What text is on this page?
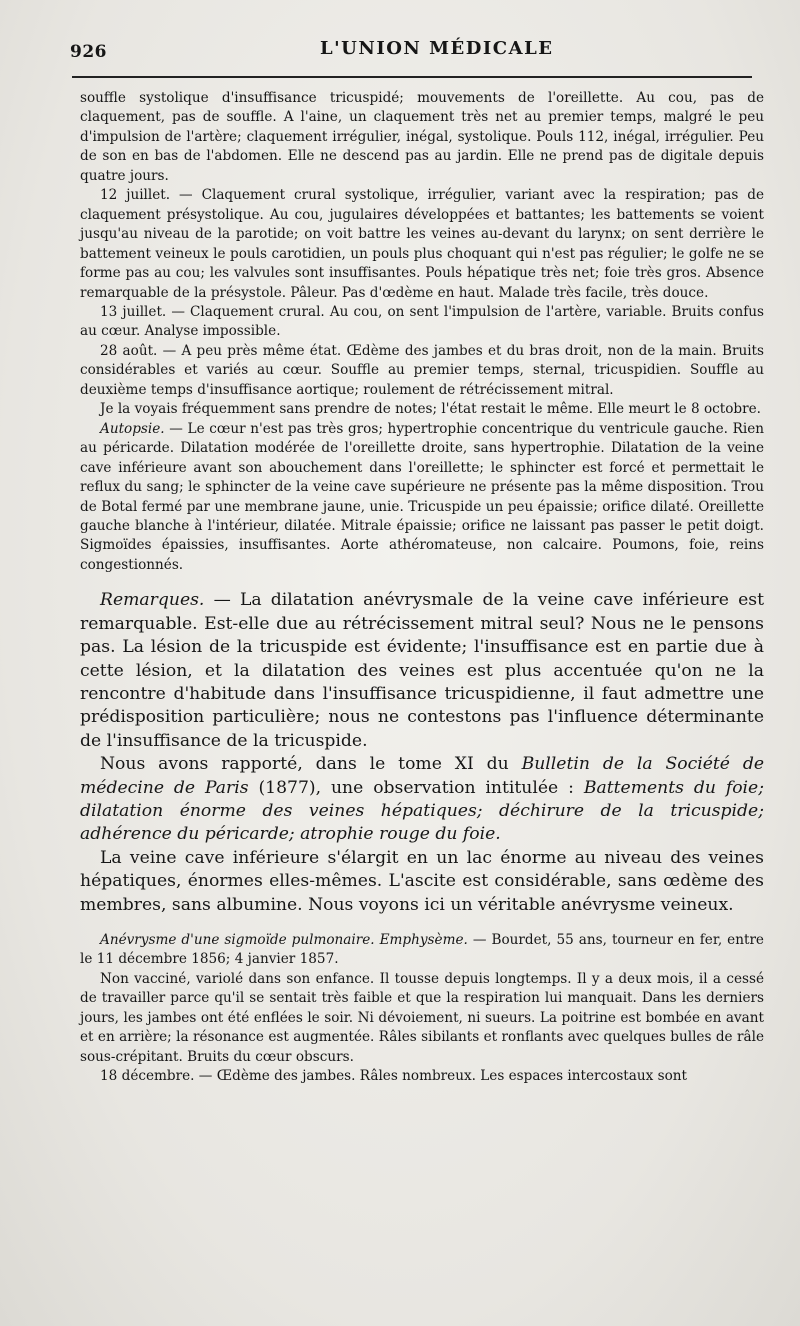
926	L'UNION MÉDICALE

souffle systolique d'insuffisance tricuspidé; mouvements de l'oreillette. Au cou, pas de claquement, pas de souffle. A l'aine, un claquement très net au premier temps, malgré le peu d'impulsion de l'artère; claquement irrégulier, inégal, systolique. Pouls 112, inégal, irrégulier. Peu de son en bas de l'abdomen. Elle ne descend pas au jardin. Elle ne prend pas de digitale depuis quatre jours.

12 juillet. — Claquement crural systolique, irrégulier, variant avec la respiration; pas de claquement présystolique. Au cou, jugulaires développées et battantes; les battements se voient jusqu'au niveau de la parotide; on voit battre les veines au-devant du larynx; on sent derrière le battement veineux le pouls carotidien, un pouls plus choquant qui n'est pas régulier; le golfe ne se forme pas au cou; les valvules sont insuffisantes. Pouls hépatique très net; foie très gros. Absence remarquable de la présystole. Pâleur. Pas d'œdème en haut. Malade très facile, très douce.

13 juillet. — Claquement crural. Au cou, on sent l'impulsion de l'artère, variable. Bruits confus au cœur. Analyse impossible.

28 août. — A peu près même état. Œdème des jambes et du bras droit, non de la main. Bruits considérables et variés au cœur. Souffle au premier temps, sternal, tricuspidien. Souffle au deuxième temps d'insuffisance aortique; roulement de rétrécissement mitral.

Je la voyais fréquemment sans prendre de notes; l'état restait le même. Elle meurt le 8 octobre.

Autopsie. — Le cœur n'est pas très gros; hypertrophie concentrique du ventricule gauche. Rien au péricarde. Dilatation modérée de l'oreillette droite, sans hypertrophie. Dilatation de la veine cave inférieure avant son abouchement dans l'oreillette; le sphincter est forcé et permettait le reflux du sang; le sphincter de la veine cave supérieure ne présente pas la même disposition. Trou de Botal fermé par une membrane jaune, unie. Tricuspide un peu épaissie; orifice dilaté. Oreillette gauche blanche à l'intérieur, dilatée. Mitrale épaissie; orifice ne laissant pas passer le petit doigt. Sigmoïdes épaissies, insuffisantes. Aorte athéromateuse, non calcaire. Poumons, foie, reins congestionnés.

Remarques. — La dilatation anévrysmale de la veine cave inférieure est remarquable. Est-elle due au rétrécissement mitral seul? Nous ne le pensons pas. La lésion de la tricuspide est évidente; l'insuffisance est en partie due à cette lésion, et la dilatation des veines est plus accentuée qu'on ne la rencontre d'habitude dans l'insuffisance tricuspidienne, il faut admettre une prédisposition particulière; nous ne contestons pas l'influence déterminante de l'insuffisance de la tricuspide.

Nous avons rapporté, dans le tome XI du Bulletin de la Société de médecine de Paris (1877), une observation intitulée : Battements du foie; dilatation énorme des veines hépatiques; déchirure de la tricuspide; adhérence du péricarde; atrophie rouge du foie.

La veine cave inférieure s'élargit en un lac énorme au niveau des veines hépatiques, énormes elles-mêmes. L'ascite est considérable, sans œdème des membres, sans albumine. Nous voyons ici un véritable anévrysme veineux.

Anévrysme d'une sigmoïde pulmonaire. Emphysème. — Bourdet, 55 ans, tourneur en fer, entre le 11 décembre 1856; 4 janvier 1857.

Non vacciné, variolé dans son enfance. Il tousse depuis longtemps. Il y a deux mois, il a cessé de travailler parce qu'il se sentait très faible et que la respiration lui manquait. Dans les derniers jours, les jambes ont été enflées le soir. Ni dévoiement, ni sueurs. La poitrine est bombée en avant et en arrière; la résonance est augmentée. Râles sibilants et ronflants avec quelques bulles de râle sous-crépitant. Bruits du cœur obscurs.

18 décembre. — Œdème des jambes. Râles nombreux. Les espaces intercostaux sont
